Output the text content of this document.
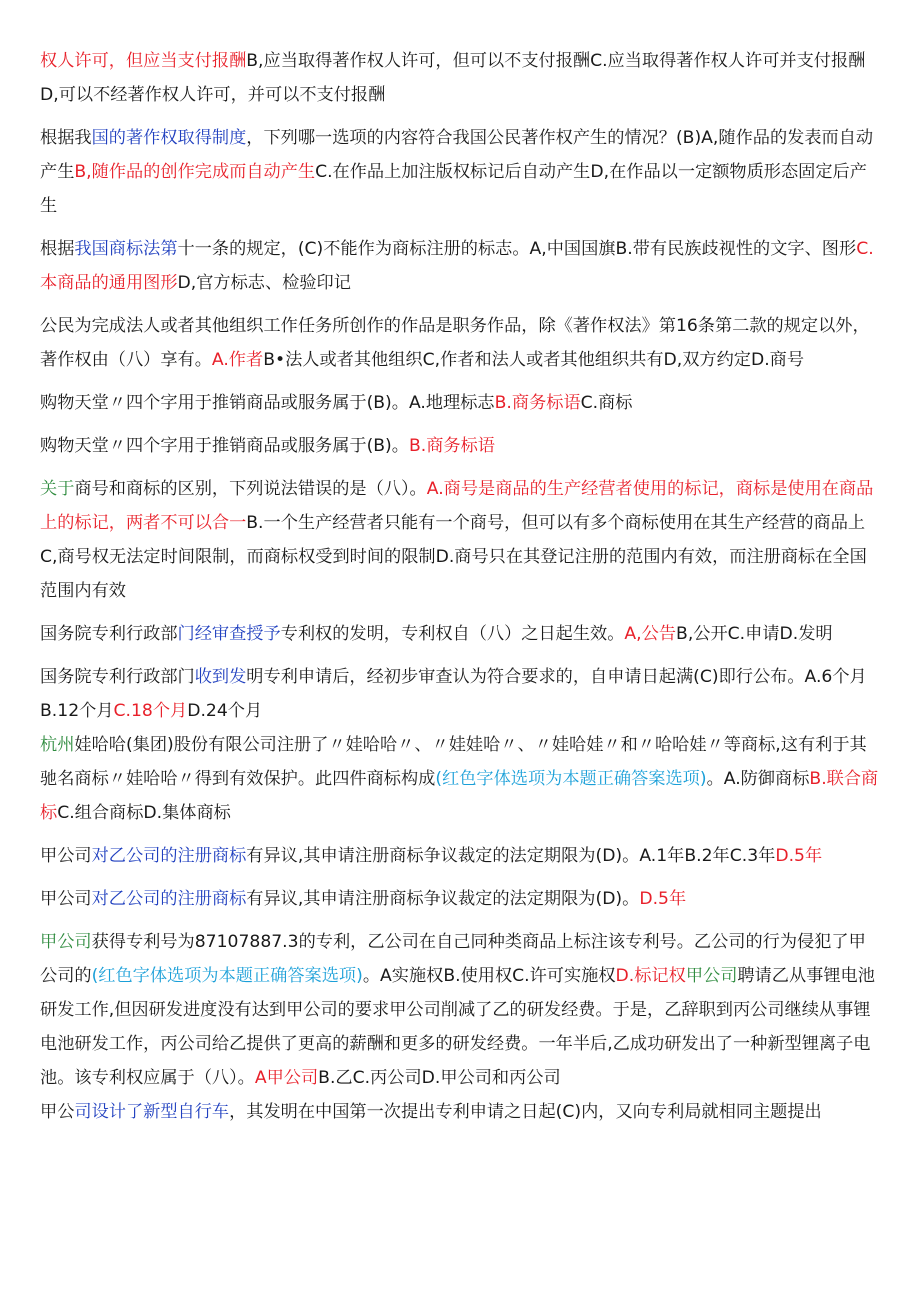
权人许可，但应当支付报酬B,应当取得著作权人许可，但可以不支付报酬C.应当取得著作权人许可并支付报酬D,可以不经著作权人许可，并可以不支付报酬

根据我国的著作权取得制度，下列哪一选项的内容符合我国公民著作权产生的情况？(B)A,随作品的发表而自动产生B,随作品的创作完成而自动产生C.在作品上加注版权标记后自动产生D,在作品以一定额物质形态固定后产生

根据我国商标法第十一条的规定，(C)不能作为商标注册的标志。A,中国国旗B.带有民族歧视性的文字、图形C.本商品的通用图形D,官方标志、检验印记

公民为完成法人或者其他组织工作任务所创作的作品是职务作品，除《著作权法》第16条第二款的规定以外，著作权由（八）享有。A.作者B•法人或者其他组织C,作者和法人或者其他组织共有D,双方约定D.商号

购物天堂〃四个字用于推销商品或服务属于(B)。A.地理标志B.商务标语C.商标

购物天堂〃四个字用于推销商品或服务属于(B)。B.商务标语

关于商号和商标的区别，下列说法错误的是（八）。A.商号是商品的生产经营者使用的标记，商标是使用在商品上的标记，两者不可以合一B.一个生产经营者只能有一个商号，但可以有多个商标使用在其生产经营的商品上C,商号权无法定时间限制，而商标权受到时间的限制D.商号只在其登记注册的范围内有效，而注册商标在全国范围内有效

国务院专利行政部门经审查授予专利权的发明，专利权自（八）之日起生效。A,公告B,公开C.申请D.发明

国务院专利行政部门收到发明专利申请后，经初步审查认为符合要求的，自申请日起满(C)即行公布。A.6个月B.12个月C.18个月D.24个月

杭州娃哈哈(集团)股份有限公司注册了〃娃哈哈〃、〃娃娃哈〃、〃娃哈娃〃和〃哈哈娃〃等商标,这有利于其驰名商标〃娃哈哈〃得到有效保护。此四件商标构成(红色字体选项为本题正确答案选项)。A.防御商标B.联合商标C.组合商标D.集体商标

甲公司对乙公司的注册商标有异议,其申请注册商标争议裁定的法定期限为(D)。A.1年B.2年C.3年D.5年

甲公司对乙公司的注册商标有异议,其申请注册商标争议裁定的法定期限为(D)。D.5年

甲公司获得专利号为87107887.3的专利，乙公司在自己同种类商品上标注该专利号。乙公司的行为侵犯了甲公司的(红色字体选项为本题正确答案选项)。A实施权B.使用权C.许可实施权D.标记权甲公司聘请乙从事锂电池研发工作,但因研发进度没有达到甲公司的要求甲公司削减了乙的研发经费。于是，乙辞职到丙公司继续从事锂电池研发工作，丙公司给乙提供了更高的薪酬和更多的研发经费。一年半后,乙成功研发出了一种新型锂离子电池。该专利权应属于（八）。A甲公司B.乙C.丙公司D.甲公司和丙公司

甲公司设计了新型自行车，其发明在中国第一次提出专利申请之日起(C)内，又向专利局就相同主题提出
